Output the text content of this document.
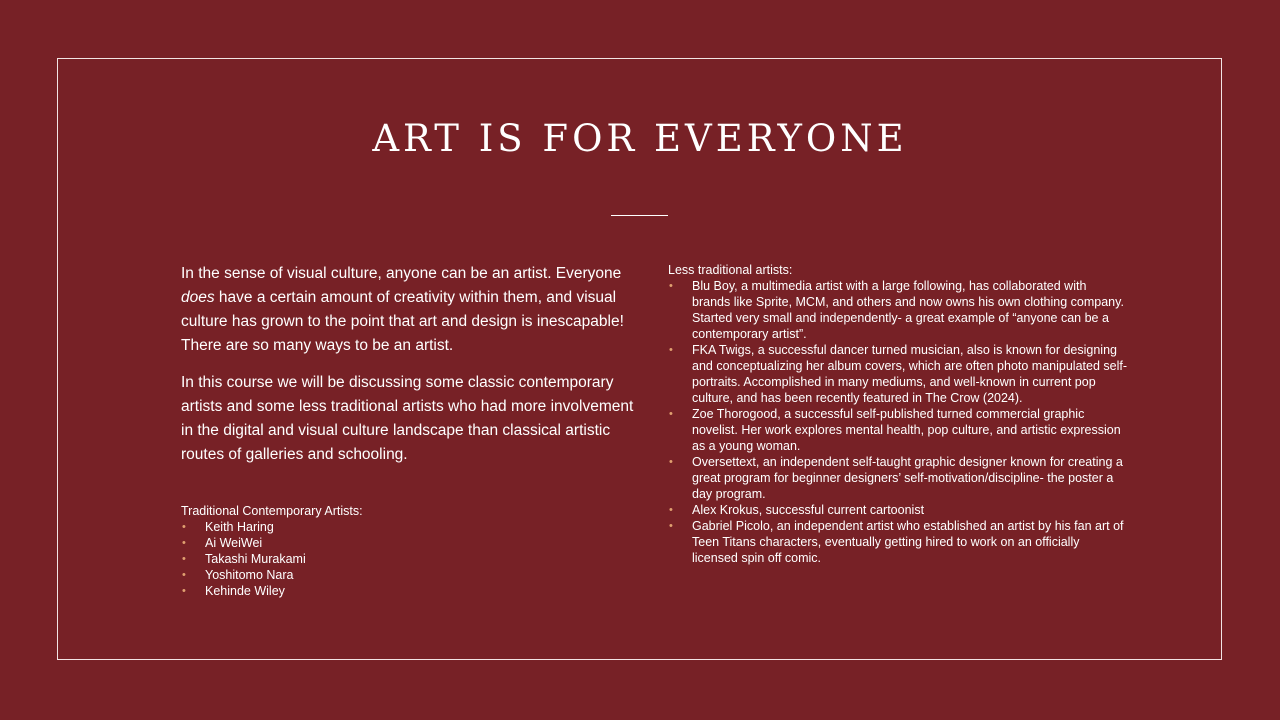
ART IS FOR EVERYONE

In the sense of visual culture, anyone can be an artist. Everyone does have a certain amount of creativity within them, and visual culture has grown to the point that art and design is inescapable! There are so many ways to be an artist.

In this course we will be discussing some classic contemporary artists and some less traditional artists who had more involvement in the digital and visual culture landscape than classical artistic routes of galleries and schooling.

Traditional Contemporary Artists:

• Keith Haring
• Ai WeiWei
• Takashi Murakami
• Yoshitomo Nara
• Kehinde Wiley

Less traditional artists:

• Blu Boy, a multimedia artist with a large following, has collaborated with brands like Sprite, MCM, and others and now owns his own clothing company. Started very small and independently- a great example of “anyone can be a contemporary artist”.
• FKA Twigs, a successful dancer turned musician, also is known for designing and conceptualizing her album covers, which are often photo manipulated self-portraits. Accomplished in many mediums, and well-known in current pop culture, and has been recently featured in The Crow (2024).
• Zoe Thorogood, a successful self-published turned commercial graphic novelist. Her work explores mental health, pop culture, and artistic expression as a young woman.
• Oversettext, an independent self-taught graphic designer known for creating a great program for beginner designers’ self-motivation/discipline- the poster a day program.
• Alex Krokus, successful current cartoonist
• Gabriel Picolo, an independent artist who established an artist by his fan art of Teen Titans characters, eventually getting hired to work on an officially licensed spin off comic.
